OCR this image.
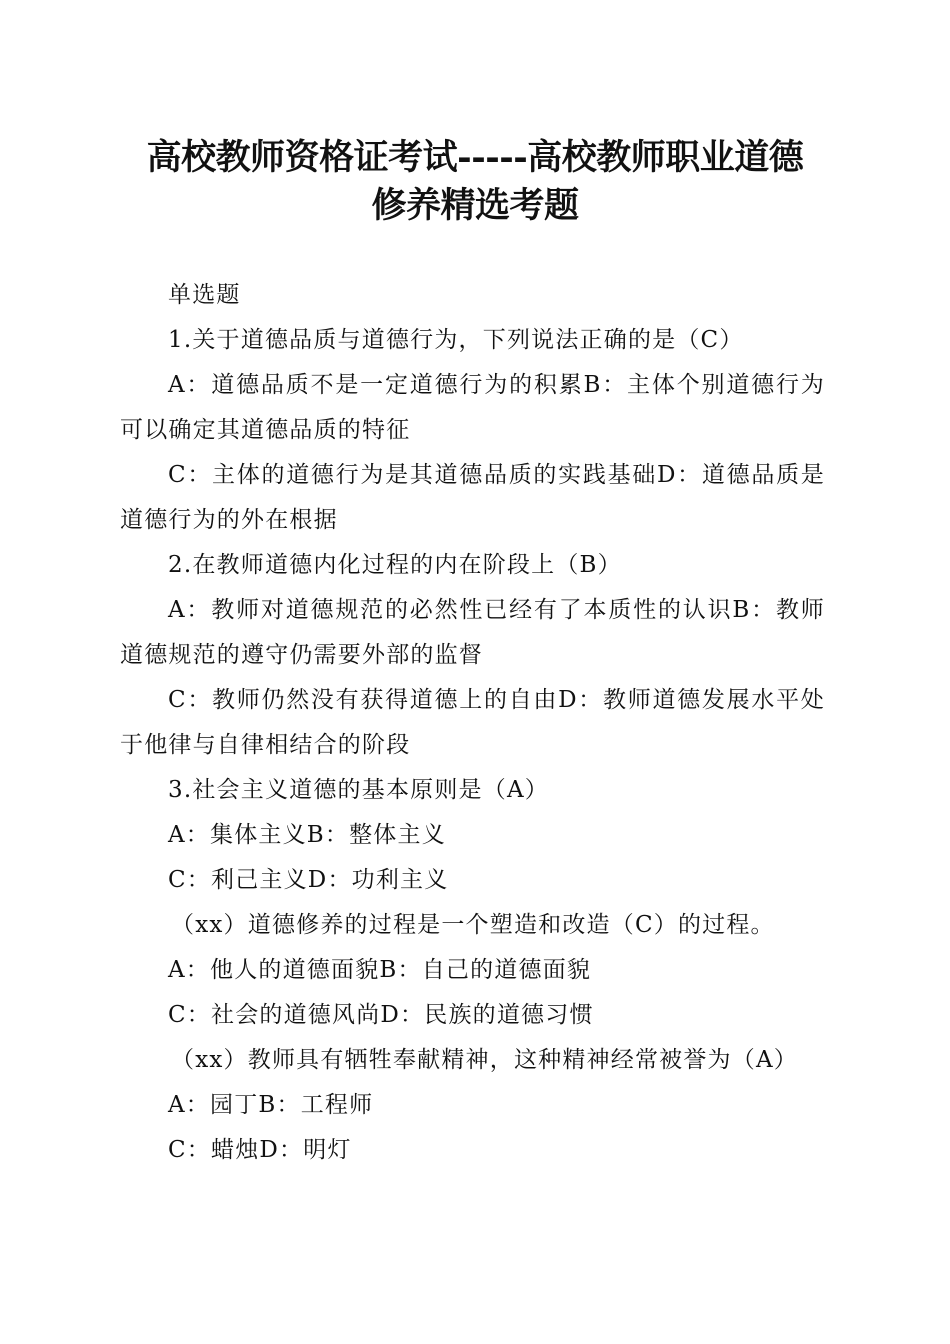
高校教师资格证考试-----高校教师职业道德
修养精选考题

单选题

1.关于道德品质与道德行为，下列说法正确的是（C）

A：道德品质不是一定道德行为的积累B：主体个别道德行为可以确定其道德品质的特征

C：主体的道德行为是其道德品质的实践基础D：道德品质是道德行为的外在根据

2.在教师道德内化过程的内在阶段上（B）

A：教师对道德规范的必然性已经有了本质性的认识B：教师道德规范的遵守仍需要外部的监督

C：教师仍然没有获得道德上的自由D：教师道德发展水平处于他律与自律相结合的阶段

3.社会主义道德的基本原则是（A）

A：集体主义B：整体主义

C：利己主义D：功利主义

（xx）道德修养的过程是一个塑造和改造（C）的过程。

A：他人的道德面貌B：自己的道德面貌

C：社会的道德风尚D：民族的道德习惯

（xx）教师具有牺牲奉献精神，这种精神经常被誉为（A）

A：园丁B：工程师

C：蜡烛D：明灯
